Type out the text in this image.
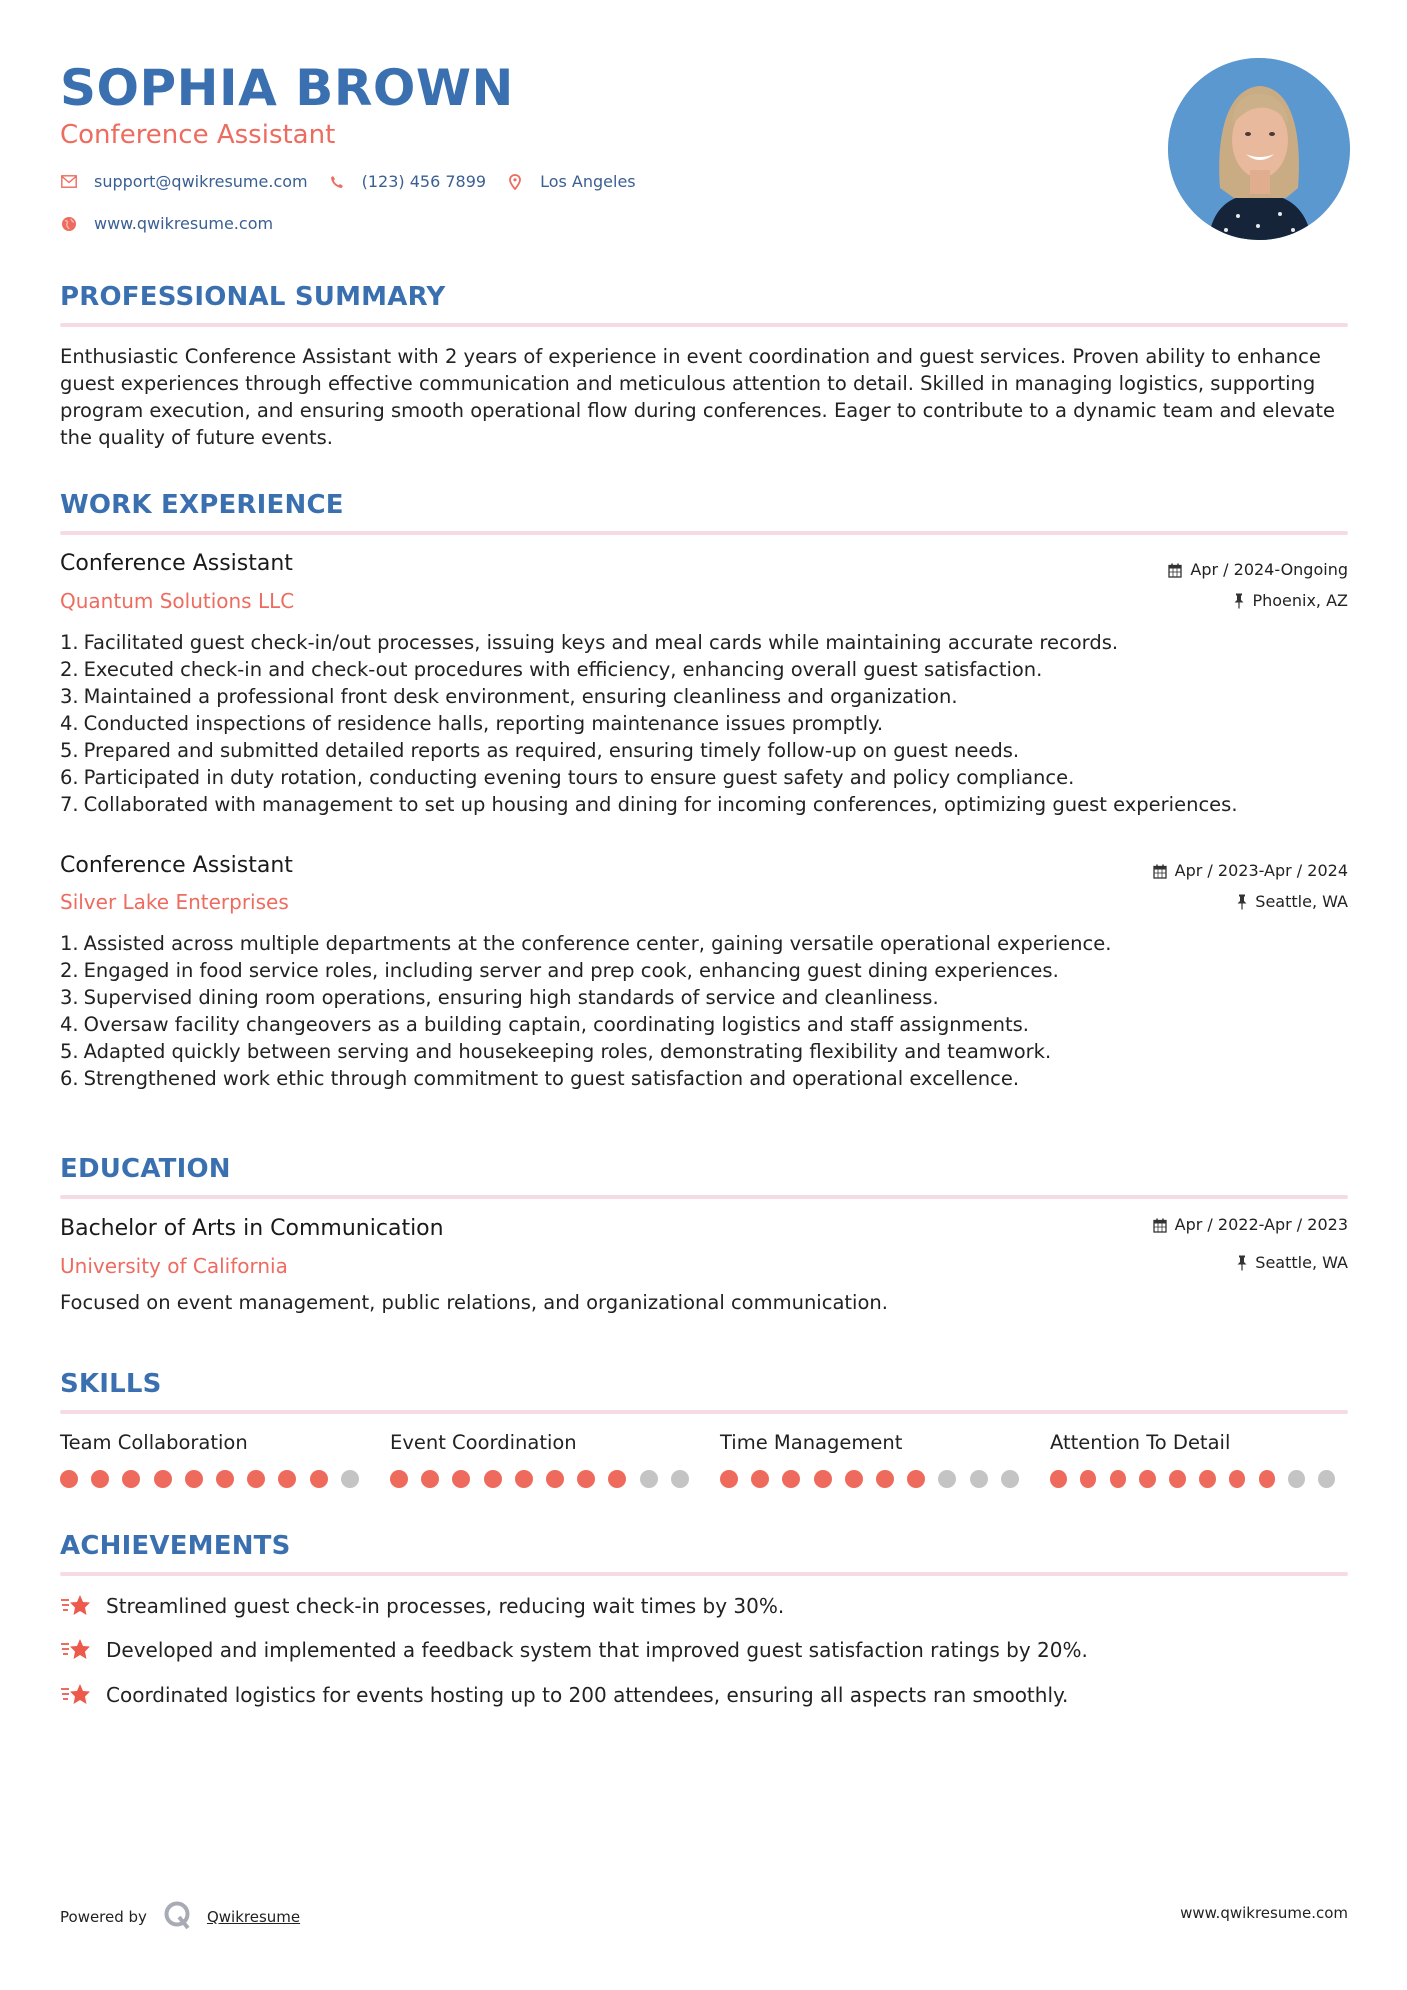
SOPHIA BROWN
Conference Assistant
support@qwikresume.com	(123) 456 7899	Los Angeles
www.qwikresume.com
PROFESSIONAL SUMMARY
Enthusiastic Conference Assistant with 2 years of experience in event coordination and guest services. Proven ability to enhance guest experiences through effective communication and meticulous attention to detail. Skilled in managing logistics, supporting program execution, and ensuring smooth operational flow during conferences. Eager to contribute to a dynamic team and elevate the quality of future events.
WORK EXPERIENCE
Conference Assistant
Quantum Solutions LLC
Apr / 2024-Ongoing
Phoenix, AZ
1. Facilitated guest check-in/out processes, issuing keys and meal cards while maintaining accurate records.
2. Executed check-in and check-out procedures with efficiency, enhancing overall guest satisfaction.
3. Maintained a professional front desk environment, ensuring cleanliness and organization.
4. Conducted inspections of residence halls, reporting maintenance issues promptly.
5. Prepared and submitted detailed reports as required, ensuring timely follow-up on guest needs.
6. Participated in duty rotation, conducting evening tours to ensure guest safety and policy compliance.
7. Collaborated with management to set up housing and dining for incoming conferences, optimizing guest experiences.
Conference Assistant
Silver Lake Enterprises
Apr / 2023-Apr / 2024
Seattle, WA
1. Assisted across multiple departments at the conference center, gaining versatile operational experience.
2. Engaged in food service roles, including server and prep cook, enhancing guest dining experiences.
3. Supervised dining room operations, ensuring high standards of service and cleanliness.
4. Oversaw facility changeovers as a building captain, coordinating logistics and staff assignments.
5. Adapted quickly between serving and housekeeping roles, demonstrating flexibility and teamwork.
6. Strengthened work ethic through commitment to guest satisfaction and operational excellence.
EDUCATION
Bachelor of Arts in Communication
University of California
Apr / 2022-Apr / 2023
Seattle, WA
Focused on event management, public relations, and organizational communication.
SKILLS
Team Collaboration	Event Coordination	Time Management	Attention To Detail
ACHIEVEMENTS
Streamlined guest check-in processes, reducing wait times by 30%.
Developed and implemented a feedback system that improved guest satisfaction ratings by 20%.
Coordinated logistics for events hosting up to 200 attendees, ensuring all aspects ran smoothly.
Powered by	Qwikresume	www.qwikresume.com
